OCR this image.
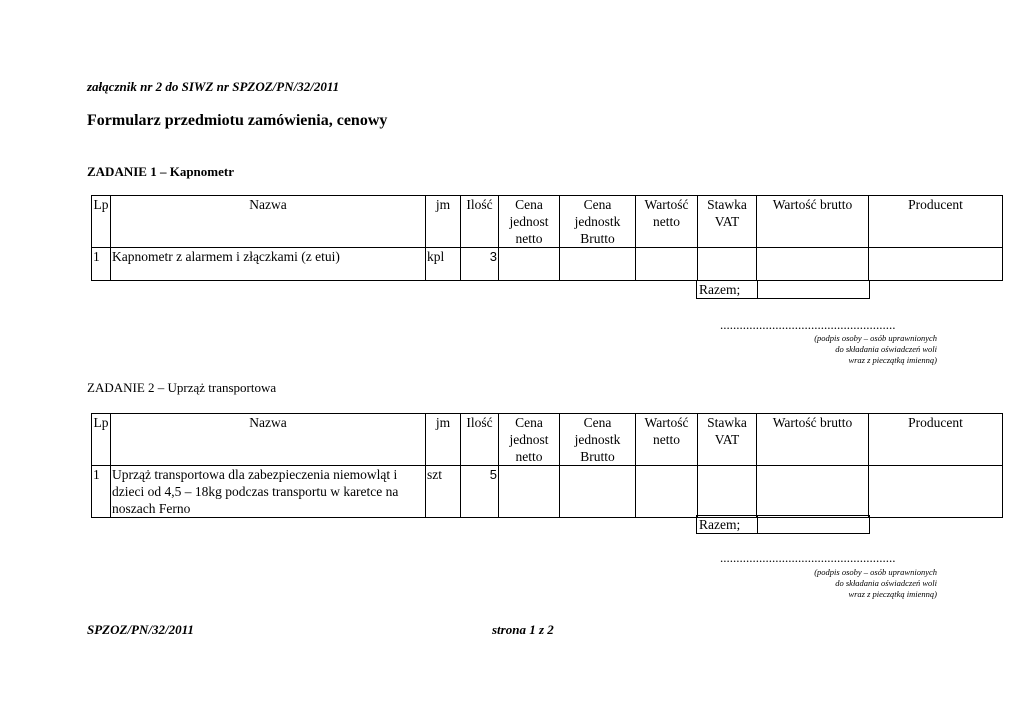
załącznik nr 2 do SIWZ nr SPZOZ/PN/32/2011
Formularz przedmiotu zamówienia, cenowy
ZADANIE 1 – Kapnometr
Lp	Nazwa	jm	Ilość	Cena jednost netto	Cena jednostk Brutto	Wartość netto	Stawka VAT	Wartość brutto	Producent
1	Kapnometr z alarmem i złączkami (z etui)	kpl	3						
Razem;	
......................................................
(podpis osoby – osób uprawnionych
do składania oświadczeń woli
wraz z pieczątką imienną)
ZADANIE 2 – Uprząż transportowa
Lp	Nazwa	jm	Ilość	Cena jednost netto	Cena jednostk Brutto	Wartość netto	Stawka VAT	Wartość brutto	Producent
1	Uprząż transportowa dla zabezpieczenia niemowląt i dzieci od 4,5 – 18kg podczas transportu w karetce na noszach Ferno	szt	5						
Razem;	
......................................................
(podpis osoby – osób uprawnionych
do składania oświadczeń woli
wraz z pieczątką imienną)
SPZOZ/PN/32/2011	strona 1 z 2
